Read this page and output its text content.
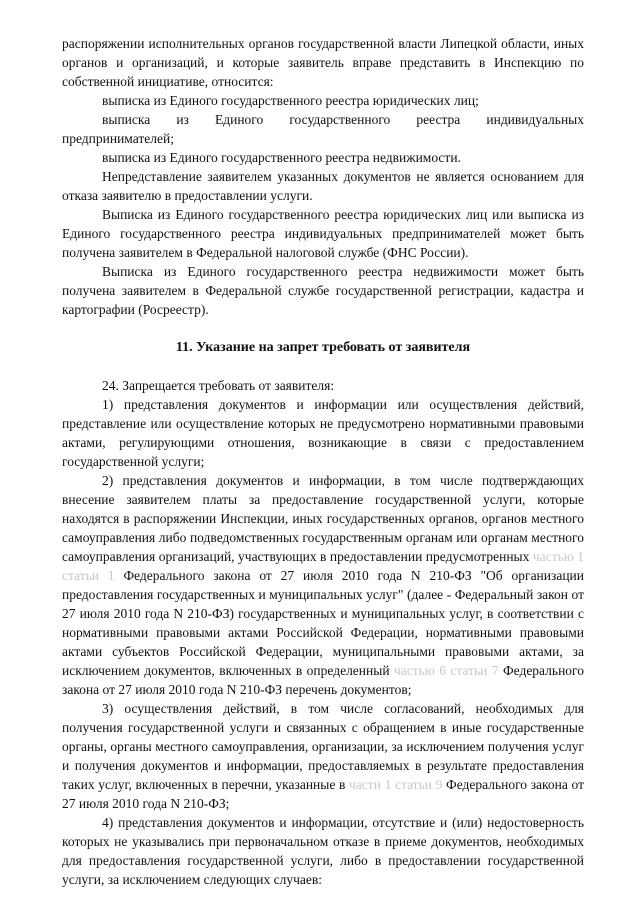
распоряжении исполнительных органов государственной власти Липецкой области, иных органов и организаций, и которые заявитель вправе представить в Инспекцию по собственной инициативе, относится:

выписка из Единого государственного реестра юридических лиц;

выписка из Единого государственного реестра индивидуальных предпринимателей;

выписка из Единого государственного реестра недвижимости.

Непредставление заявителем указанных документов не является основанием для отказа заявителю в предоставлении услуги.

Выписка из Единого государственного реестра юридических лиц или выписка из Единого государственного реестра индивидуальных предпринимателей может быть получена заявителем в Федеральной налоговой службе (ФНС России).

Выписка из Единого государственного реестра недвижимости может быть получена заявителем в Федеральной службе государственной регистрации, кадастра и картографии (Росреестр).

11. Указание на запрет требовать от заявителя

24. Запрещается требовать от заявителя:

1) представления документов и информации или осуществления действий, представление или осуществление которых не предусмотрено нормативными правовыми актами, регулирующими отношения, возникающие в связи с предоставлением государственной услуги;

2) представления документов и информации, в том числе подтверждающих внесение заявителем платы за предоставление государственной услуги, которые находятся в распоряжении Инспекции, иных государственных органов, органов местного самоуправления либо подведомственных государственным органам или органам местного самоуправления организаций, участвующих в предоставлении предусмотренных частью 1 статьи 1 Федерального закона от 27 июля 2010 года N 210-ФЗ "Об организации предоставления государственных и муниципальных услуг" (далее - Федеральный закон от 27 июля 2010 года N 210-ФЗ) государственных и муниципальных услуг, в соответствии с нормативными правовыми актами Российской Федерации, нормативными правовыми актами субъектов Российской Федерации, муниципальными правовыми актами, за исключением документов, включенных в определенный частью 6 статьи 7 Федерального закона от 27 июля 2010 года N 210-ФЗ перечень документов;

3) осуществления действий, в том числе согласований, необходимых для получения государственной услуги и связанных с обращением в иные государственные органы, органы местного самоуправления, организации, за исключением получения услуг и получения документов и информации, предоставляемых в результате предоставления таких услуг, включенных в перечни, указанные в части 1 статьи 9 Федерального закона от 27 июля 2010 года N 210-ФЗ;

4) представления документов и информации, отсутствие и (или) недостоверность которых не указывались при первоначальном отказе в приеме документов, необходимых для предоставления государственной услуги, либо в предоставлении государственной услуги, за исключением следующих случаев:
